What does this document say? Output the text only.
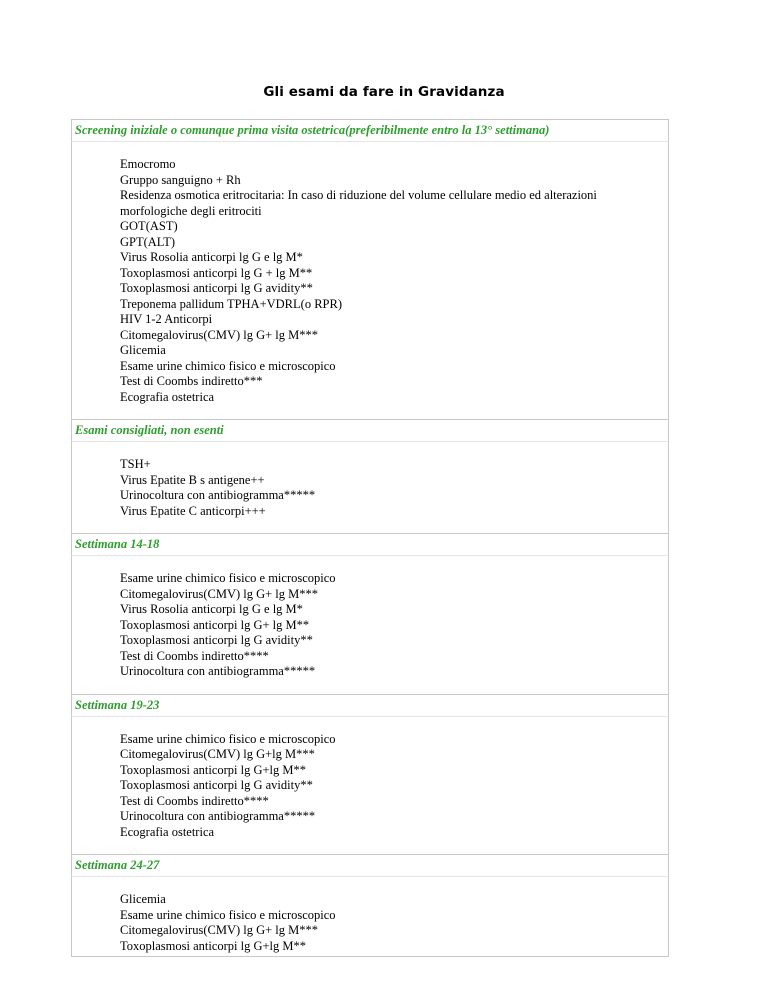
Gli esami da fare in Gravidanza
Screening iniziale o comunque prima visita ostetrica(preferibilmente entro la 13° settimana)
Emocromo
Gruppo sanguigno + Rh
Residenza osmotica eritrocitaria: In caso di riduzione del volume cellulare medio ed alterazioni
morfologiche degli eritrociti
GOT(AST)
GPT(ALT)
Virus Rosolia anticorpi lg G e lg M*
Toxoplasmosi anticorpi lg G + lg M**
Toxoplasmosi anticorpi lg G avidity**
Treponema pallidum TPHA+VDRL(o RPR)
HIV 1-2 Anticorpi
Citomegalovirus(CMV) lg G+ lg M***
Glicemia
Esame urine chimico fisico e microscopico
Test di Coombs indiretto***
Ecografia ostetrica
Esami consigliati, non esenti
TSH+
Virus Epatite B s antigene++
Urinocoltura con antibiogramma*****
Virus Epatite C anticorpi+++
Settimana 14-18
Esame urine chimico fisico e microscopico
Citomegalovirus(CMV) lg G+ lg M***
Virus Rosolia anticorpi lg G e lg M*
Toxoplasmosi anticorpi lg G+ lg M**
Toxoplasmosi anticorpi lg G avidity**
Test di Coombs indiretto****
Urinocoltura con antibiogramma*****
Settimana 19-23
Esame urine chimico fisico e microscopico
Citomegalovirus(CMV) lg G+lg M***
Toxoplasmosi anticorpi lg G+lg M**
Toxoplasmosi anticorpi lg G avidity**
Test di Coombs indiretto****
Urinocoltura con antibiogramma*****
Ecografia ostetrica
Settimana 24-27
Glicemia
Esame urine chimico fisico e microscopico
Citomegalovirus(CMV) lg G+ lg M***
Toxoplasmosi anticorpi lg G+lg M**
